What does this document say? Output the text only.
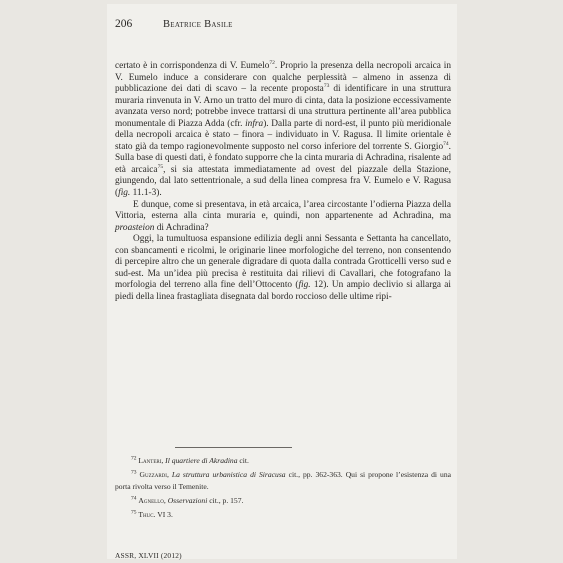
206	Beatrice Basile

certato è in corrispondenza di V. Eumelo$^{72}$. Proprio la presenza della necropoli arcaica in V. Eumelo induce a considerare con qualche perplessità – almeno in assenza di pubblicazione dei dati di scavo – la recente proposta$^{73}$ di identificare in una struttura muraria rinvenuta in V. Arno un tratto del muro di cinta, data la posizione eccessivamente avanzata verso nord; potrebbe invece trattarsi di una struttura pertinente all’area pubblica monumentale di Piazza Adda (cfr. infra). Dalla parte di nord-est, il punto più meridionale della necropoli arcaica è stato – finora – individuato in V. Ragusa. Il limite orientale è stato già da tempo ragionevolmente supposto nel corso inferiore del torrente S. Giorgio$^{74}$. Sulla base di questi dati, è fondato supporre che la cinta muraria di Achradina, risalente ad età arcaica$^{75}$, si sia attestata immediatamente ad ovest del piazzale della Stazione, giungendo, dal lato settentrionale, a sud della linea compresa fra V. Eumelo e V. Ragusa (fig. 11.1-3).

E dunque, come si presentava, in età arcaica, l’area circostante l’odierna Piazza della Vittoria, esterna alla cinta muraria e, quindi, non appartenente ad Achradina, ma proasteion di Achradina?

Oggi, la tumultuosa espansione edilizia degli anni Sessanta e Settanta ha cancellato, con sbancamenti e ricolmi, le originarie linee morfologiche del terreno, non consentendo di percepire altro che un generale digradare di quota dalla contrada Grotticelli verso sud e sud-est. Ma un’idea più precisa è restituita dai rilievi di Cavallari, che fotografano la morfologia del terreno alla fine dell’Ottocento (fig. 12). Un ampio declivio si allarga ai piedi della linea frastagliata disegnata dal bordo roccioso delle ultime ripi-

$^{72}$ Lanteri, Il quartiere di Akradina cit.

$^{73}$ Guzzardi, La struttura urbanistica di Siracusa cit., pp. 362-363. Qui si propone l’esistenza di una porta rivolta verso il Temenite.

$^{74}$ Agnello, Osservazioni cit., p. 157.

$^{75}$ Thuc. VI 3.

ASSR, XLVII (2012)
